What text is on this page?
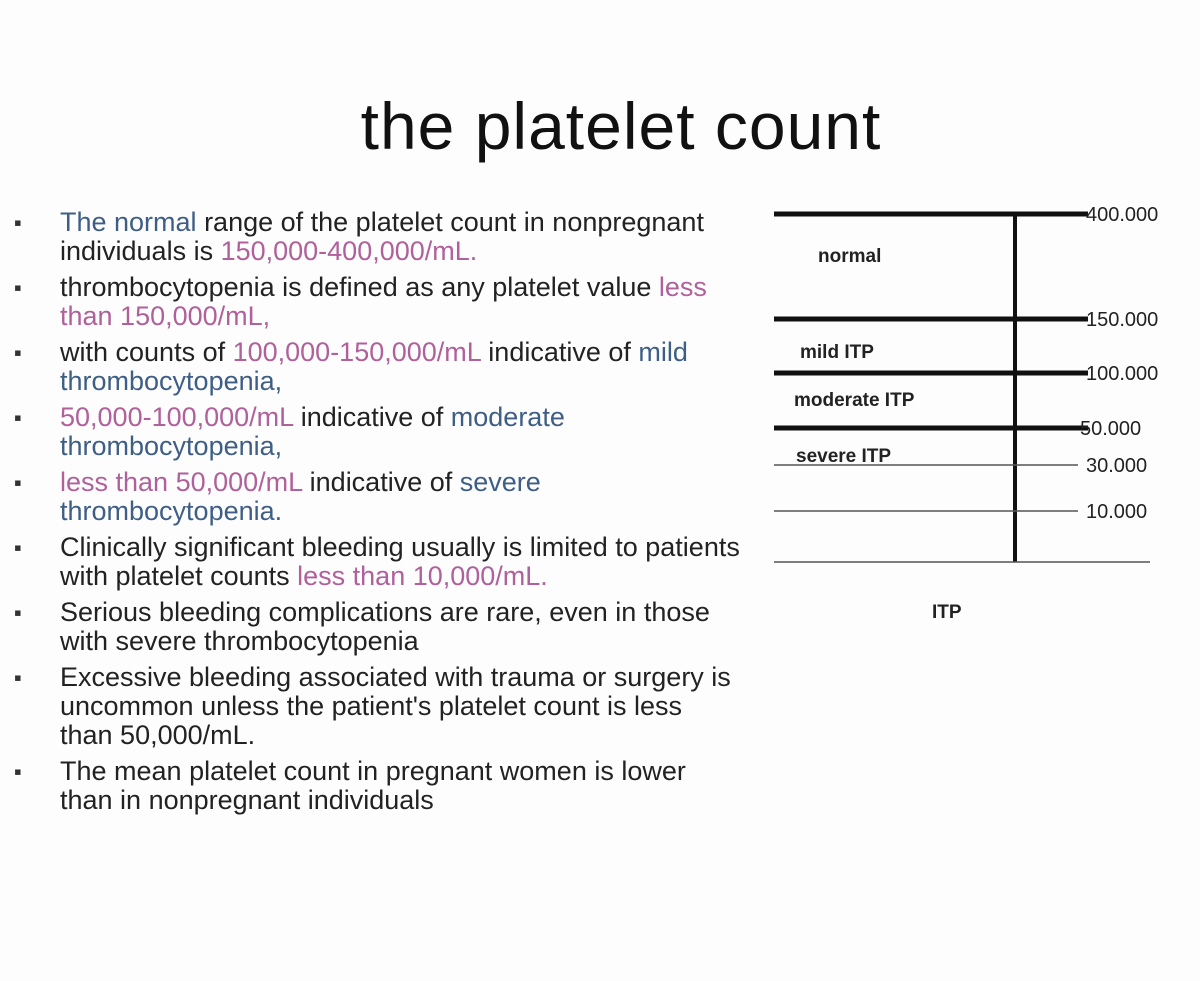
the platelet count
▪ The normal range of the platelet count in nonpregnant individuals is 150,000-400,000/mL.
▪ thrombocytopenia is defined as any platelet value less than 150,000/mL,
▪ with counts of 100,000-150,000/mL indicative of mild thrombocytopenia,
▪ 50,000-100,000/mL indicative of moderate thrombocytopenia,
▪ less than 50,000/mL indicative of severe thrombocytopenia.
▪ Clinically significant bleeding usually is limited to patients with platelet counts less than 10,000/mL.
▪ Serious bleeding complications are rare, even in those with severe thrombocytopenia
▪ Excessive bleeding associated with trauma or surgery is uncommon unless the patient's platelet count is less than 50,000/mL.
▪ The mean platelet count in pregnant women is lower than in nonpregnant individuals
400.000
150.000
100.000
50.000
30.000
10.000
normal
mild ITP
moderate ITP
severe ITP
ITP
